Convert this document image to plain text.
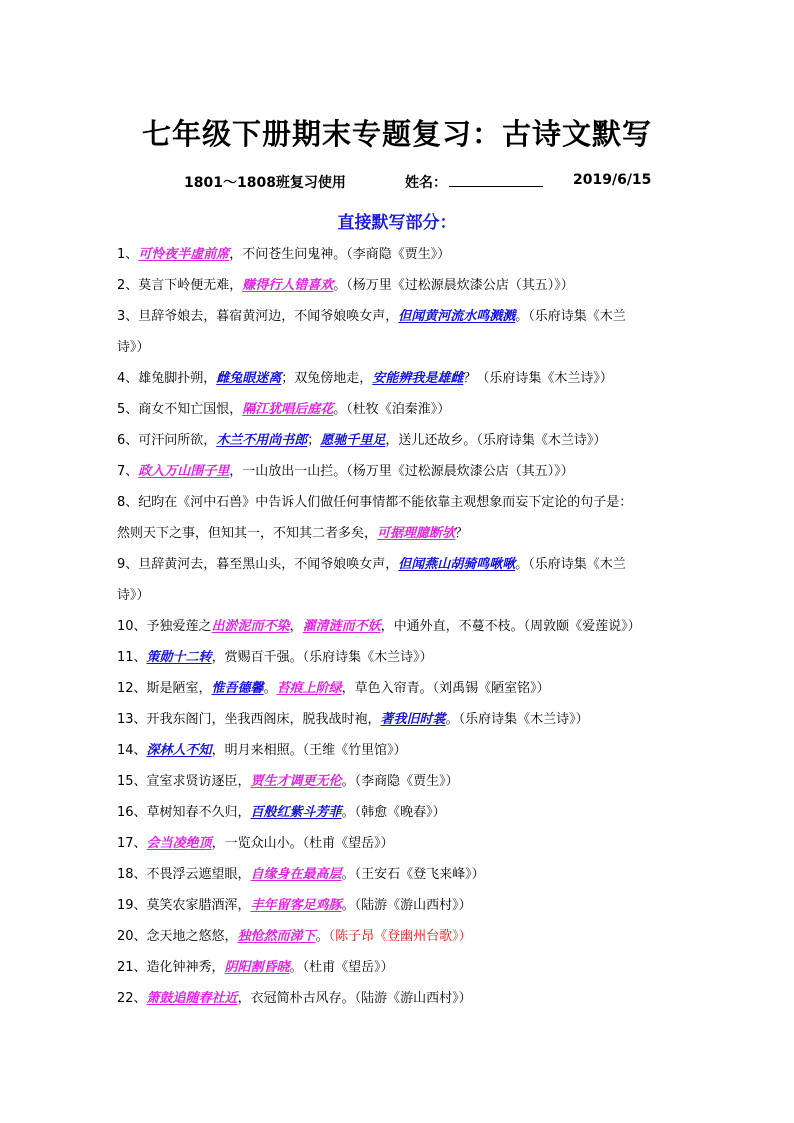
七年级下册期末专题复习：古诗文默写
1801～1808班复习使用	姓名：	2019/6/15
直接默写部分：
1、可怜夜半虚前席，不问苍生问鬼神。（李商隐《贾生》）
2、莫言下岭便无难，赚得行人错喜欢。（杨万里《过松源晨炊漆公店（其五）》）
3、旦辞爷娘去，暮宿黄河边，不闻爷娘唤女声，但闻黄河流水鸣溅溅。（乐府诗集《木兰
诗》）
4、雄兔脚扑朔，雌兔眼迷离；双兔傍地走，安能辨我是雄雌？（乐府诗集《木兰诗》）
5、商女不知亡国恨，隔江犹唱后庭花。（杜牧《泊秦淮》）
6、可汗问所欲，木兰不用尚书郎；愿驰千里足，送儿还故乡。（乐府诗集《木兰诗》）
7、政入万山围子里，一山放出一山拦。（杨万里《过松源晨炊漆公店（其五）》）
8、纪昀在《河中石兽》中告诉人们做任何事情都不能依靠主观想象而妄下定论的句子是：
然则天下之事，但知其一，不知其二者多矣，可据理臆断欤？
9、旦辞黄河去，暮至黑山头，不闻爷娘唤女声，但闻燕山胡骑鸣啾啾。（乐府诗集《木兰
诗》）
10、予独爱莲之出淤泥而不染，濯清涟而不妖，中通外直，不蔓不枝。（周敦颐《爱莲说》）
11、策勋十二转，赏赐百千强。（乐府诗集《木兰诗》）
12、斯是陋室，惟吾德馨。苔痕上阶绿，草色入帘青。（刘禹锡《陋室铭》）
13、开我东阁门，坐我西阁床，脱我战时袍，著我旧时裳。（乐府诗集《木兰诗》）
14、深林人不知，明月来相照。（王维《竹里馆》）
15、宣室求贤访逐臣，贾生才调更无伦。（李商隐《贾生》）
16、草树知春不久归，百般红紫斗芳菲。（韩愈《晚春》）
17、会当凌绝顶，一览众山小。（杜甫《望岳》）
18、不畏浮云遮望眼，自缘身在最高层。（王安石《登飞来峰》）
19、莫笑农家腊酒浑，丰年留客足鸡豚。（陆游《游山西村》）
20、念天地之悠悠，独怆然而涕下。（陈子昂《登幽州台歌》）
21、造化钟神秀，阴阳割昏晓。（杜甫《望岳》）
22、箫鼓追随春社近，衣冠简朴古风存。（陆游《游山西村》）
